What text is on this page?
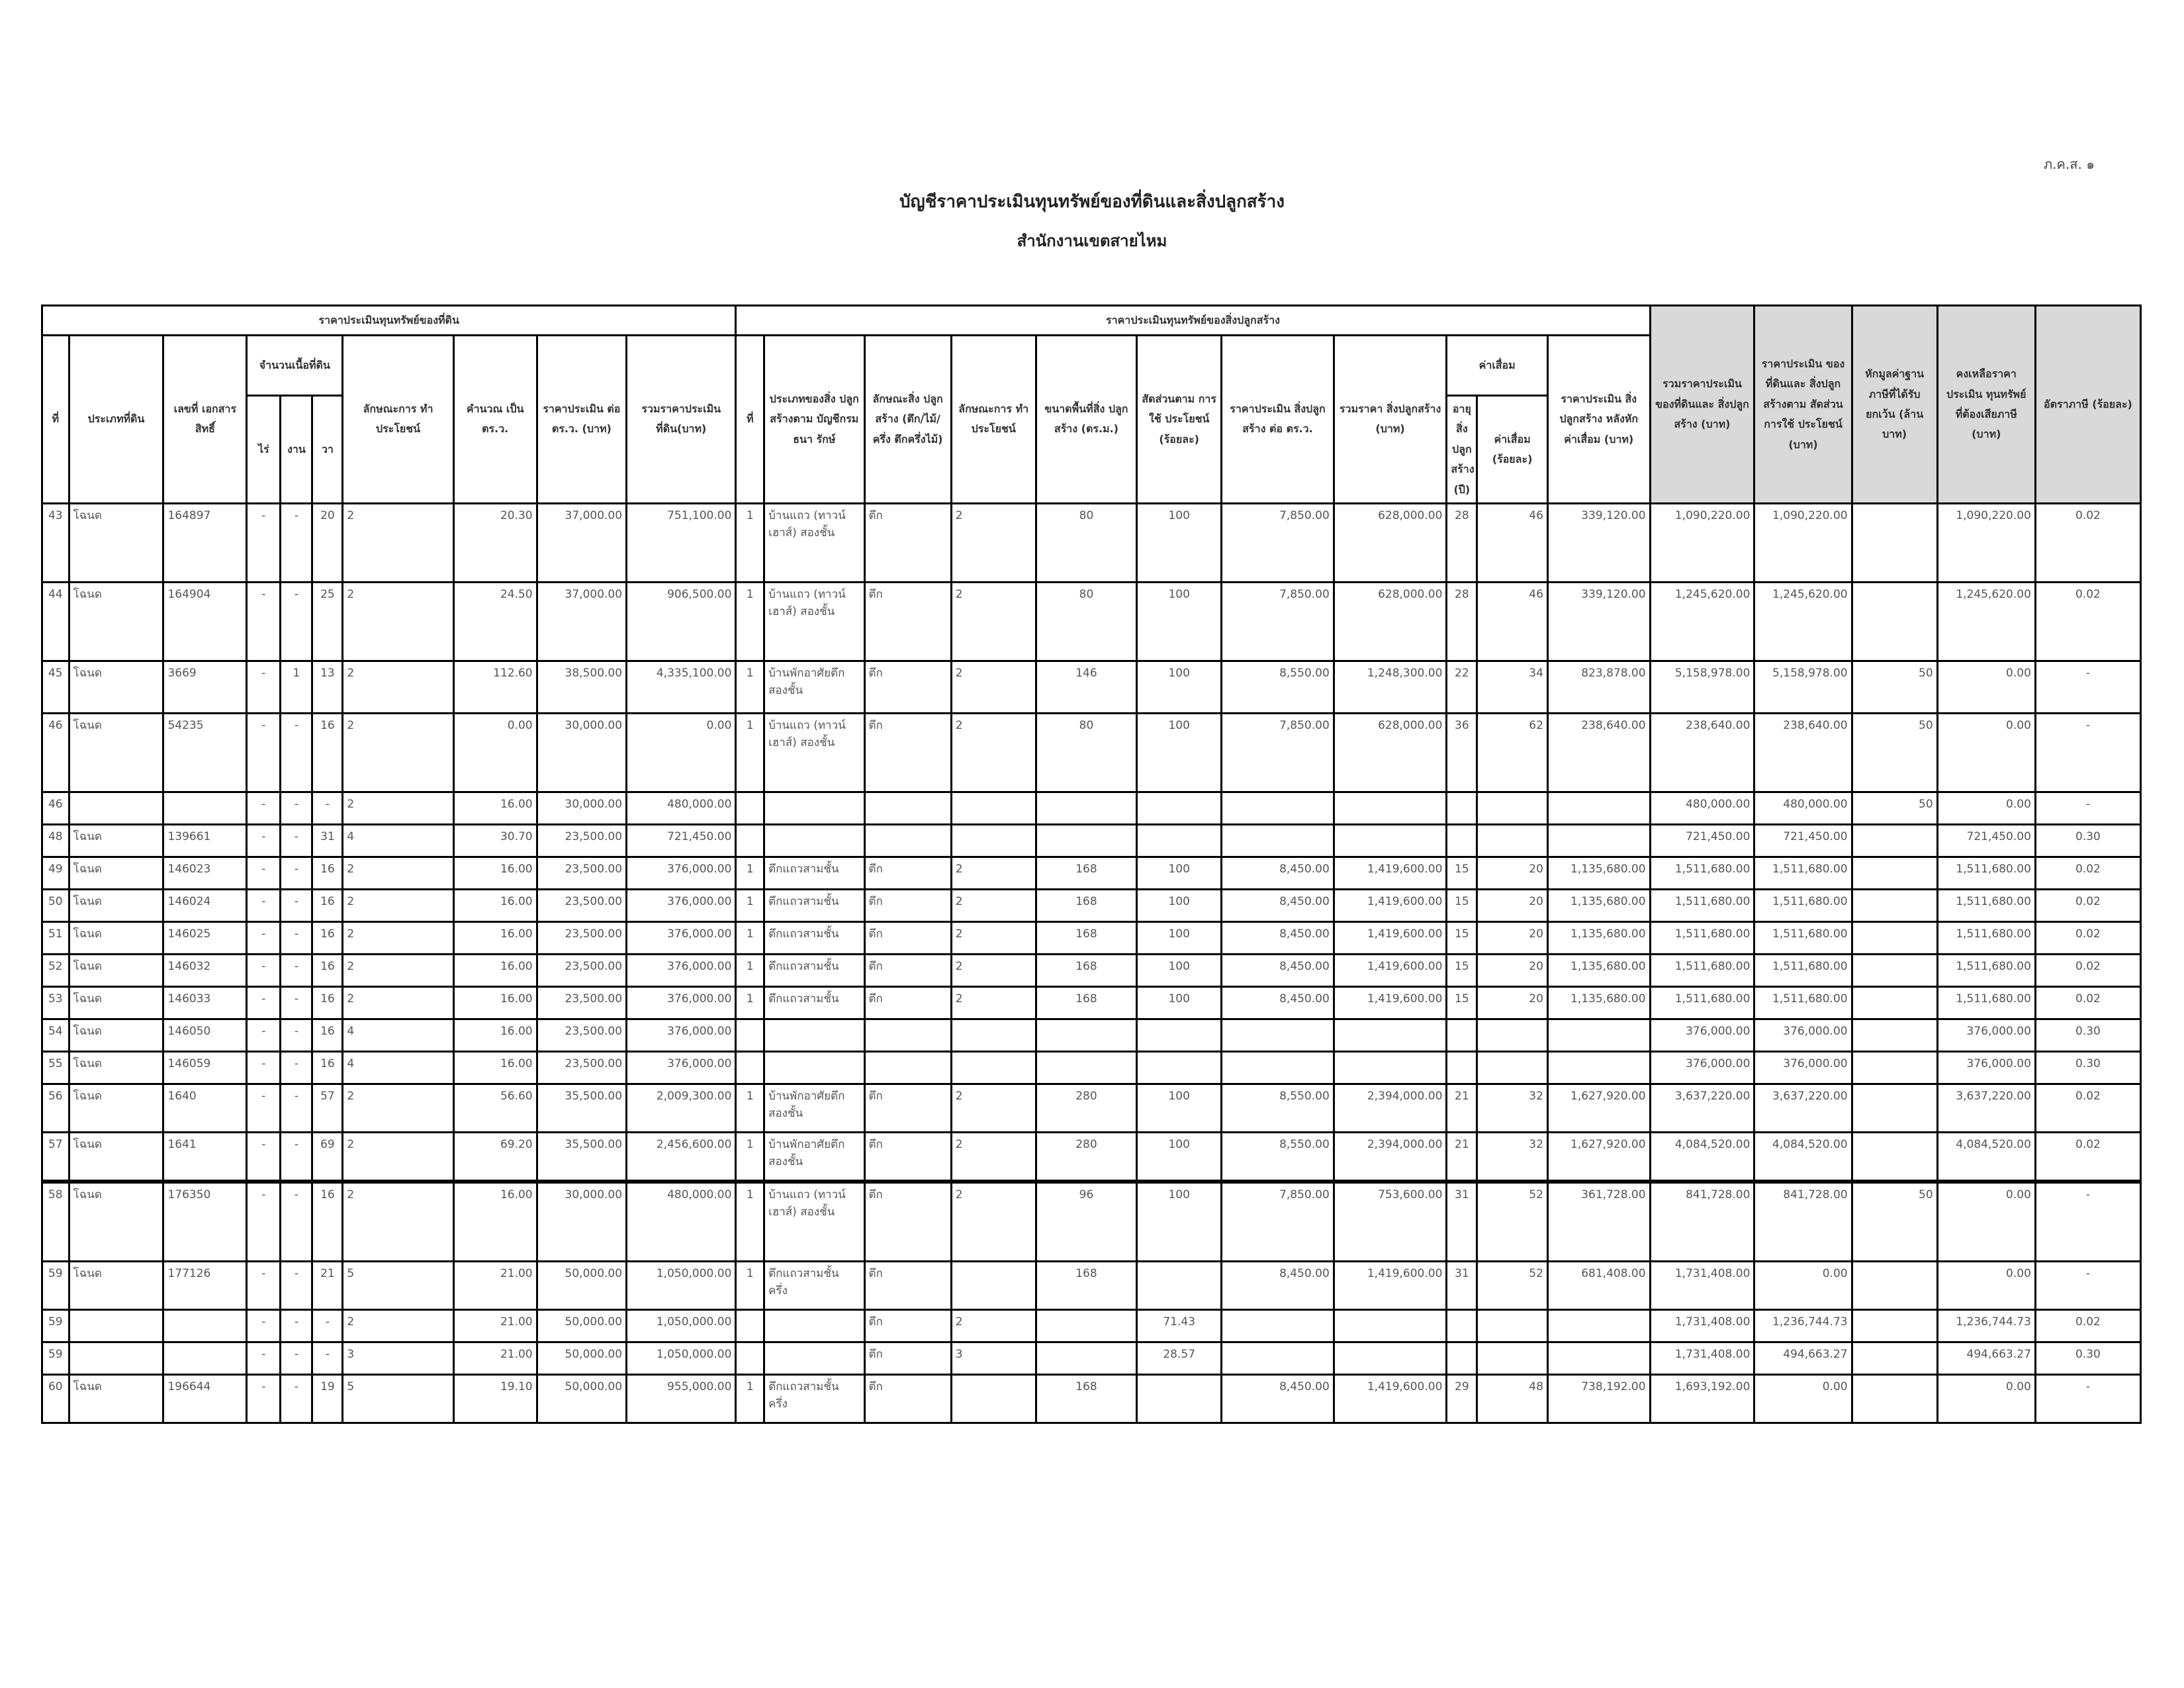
ภ.ค.ส. ๑
บัญชีราคาประเมินทุนทรัพย์ของที่ดินและสิ่งปลูกสร้าง
สำนักงานเขตสายไหม
ราคาประเมินทุนทรัพย์ของที่ดิน										ราคาประเมินทุนทรัพย์ของสิ่งปลูกสร้าง											รวมราคาประเมิน ของที่ดินและ สิ่งปลูกสร้าง (บาท)	ราคาประเมิน ของที่ดินและ สิ่งปลูกสร้างตาม สัดส่วนการใช้ ประโยชน์ (บาท)	หักมูลค่าฐาน ภาษีที่ได้รับ ยกเว้น (ล้านบาท)	คงเหลือราคา ประเมิน ทุนทรัพย์ ที่ต้องเสียภาษี (บาท)	อัตราภาษี (ร้อยละ)
ที่	ประเภทที่ดิน	เลขที่ เอกสารสิทธิ์	จำนวนเนื้อที่ดิน			ลักษณะการ ทำประโยชน์	คำนวณ เป็น ตร.ว.	ราคาประเมิน ต่อ ตร.ว. (บาท)	รวมราคาประเมิน ที่ดิน(บาท)	ที่	ประเภทของสิ่ง ปลูกสร้างตาม บัญชีกรมธนา รักษ์	ลักษณะสิ่ง ปลูกสร้าง (ตึก/ไม้/ครึ่ง ตึกครึ่งไม้)	ลักษณะการ ทำประโยชน์	ขนาดพื้นที่สิ่ง ปลูกสร้าง (ตร.ม.)	สัดส่วนตาม การใช้ ประโยชน์ (ร้อยละ)	ราคาประเมิน สิ่งปลูกสร้าง ต่อ ตร.ว.	รวมราคา สิ่งปลูกสร้าง (บาท)	ค่าเสื่อม		ราคาประเมิน สิ่งปลูกสร้าง หลังหัก ค่าเสื่อม (บาท)					
			ไร่	งาน	วา													อายุสิ่ง ปลูก สร้าง (ปี)	ค่าเสื่อม (ร้อยละ)						
43	โฉนด	164897	-	-	20	2	20.30	37,000.00	751,100.00	1	บ้านแถว (ทาวน์เฮาส์) สองชั้น	ตึก	2	80	100	7,850.00	628,000.00	28	46	339,120.00	1,090,220.00	1,090,220.00		1,090,220.00	0.02
44	โฉนด	164904	-	-	25	2	24.50	37,000.00	906,500.00	1	บ้านแถว (ทาวน์เฮาส์) สองชั้น	ตึก	2	80	100	7,850.00	628,000.00	28	46	339,120.00	1,245,620.00	1,245,620.00		1,245,620.00	0.02
45	โฉนด	3669	-	1	13	2	112.60	38,500.00	4,335,100.00	1	บ้านพักอาศัยตึก สองชั้น	ตึก	2	146	100	8,550.00	1,248,300.00	22	34	823,878.00	5,158,978.00	5,158,978.00	50	0.00	-
46	โฉนด	54235	-	-	16	2	0.00	30,000.00	0.00	1	บ้านแถว (ทาวน์เฮาส์) สองชั้น	ตึก	2	80	100	7,850.00	628,000.00	36	62	238,640.00	238,640.00	238,640.00	50	0.00	-
46			-	-	-	2	16.00	30,000.00	480,000.00												480,000.00	480,000.00	50	0.00	-
48	โฉนด	139661	-	-	31	4	30.70	23,500.00	721,450.00												721,450.00	721,450.00		721,450.00	0.30
49	โฉนด	146023	-	-	16	2	16.00	23,500.00	376,000.00	1	ตึกแถวสามชั้น	ตึก	2	168	100	8,450.00	1,419,600.00	15	20	1,135,680.00	1,511,680.00	1,511,680.00		1,511,680.00	0.02
50	โฉนด	146024	-	-	16	2	16.00	23,500.00	376,000.00	1	ตึกแถวสามชั้น	ตึก	2	168	100	8,450.00	1,419,600.00	15	20	1,135,680.00	1,511,680.00	1,511,680.00		1,511,680.00	0.02
51	โฉนด	146025	-	-	16	2	16.00	23,500.00	376,000.00	1	ตึกแถวสามชั้น	ตึก	2	168	100	8,450.00	1,419,600.00	15	20	1,135,680.00	1,511,680.00	1,511,680.00		1,511,680.00	0.02
52	โฉนด	146032	-	-	16	2	16.00	23,500.00	376,000.00	1	ตึกแถวสามชั้น	ตึก	2	168	100	8,450.00	1,419,600.00	15	20	1,135,680.00	1,511,680.00	1,511,680.00		1,511,680.00	0.02
53	โฉนด	146033	-	-	16	2	16.00	23,500.00	376,000.00	1	ตึกแถวสามชั้น	ตึก	2	168	100	8,450.00	1,419,600.00	15	20	1,135,680.00	1,511,680.00	1,511,680.00		1,511,680.00	0.02
54	โฉนด	146050	-	-	16	4	16.00	23,500.00	376,000.00												376,000.00	376,000.00		376,000.00	0.30
55	โฉนด	146059	-	-	16	4	16.00	23,500.00	376,000.00												376,000.00	376,000.00		376,000.00	0.30
56	โฉนด	1640	-	-	57	2	56.60	35,500.00	2,009,300.00	1	บ้านพักอาศัยตึก สองชั้น	ตึก	2	280	100	8,550.00	2,394,000.00	21	32	1,627,920.00	3,637,220.00	3,637,220.00		3,637,220.00	0.02
57	โฉนด	1641	-	-	69	2	69.20	35,500.00	2,456,600.00	1	บ้านพักอาศัยตึก สองชั้น	ตึก	2	280	100	8,550.00	2,394,000.00	21	32	1,627,920.00	4,084,520.00	4,084,520.00		4,084,520.00	0.02
58	โฉนด	176350	-	-	16	2	16.00	30,000.00	480,000.00	1	บ้านแถว (ทาวน์เฮาส์) สองชั้น	ตึก	2	96	100	7,850.00	753,600.00	31	52	361,728.00	841,728.00	841,728.00	50	0.00	-
59	โฉนด	177126	-	-	21	5	21.00	50,000.00	1,050,000.00	1	ตึกแถวสามชั้น ครึ่ง	ตึก		168		8,450.00	1,419,600.00	31	52	681,408.00	1,731,408.00	0.00		0.00	-
59			-	-	-	2	21.00	50,000.00	1,050,000.00			ตึก	2		71.43						1,731,408.00	1,236,744.73		1,236,744.73	0.02
59			-	-	-	3	21.00	50,000.00	1,050,000.00			ตึก	3		28.57						1,731,408.00	494,663.27		494,663.27	0.30
60	โฉนด	196644	-	-	19	5	19.10	50,000.00	955,000.00	1	ตึกแถวสามชั้น ครึ่ง	ตึก		168		8,450.00	1,419,600.00	29	48	738,192.00	1,693,192.00	0.00		0.00	-
